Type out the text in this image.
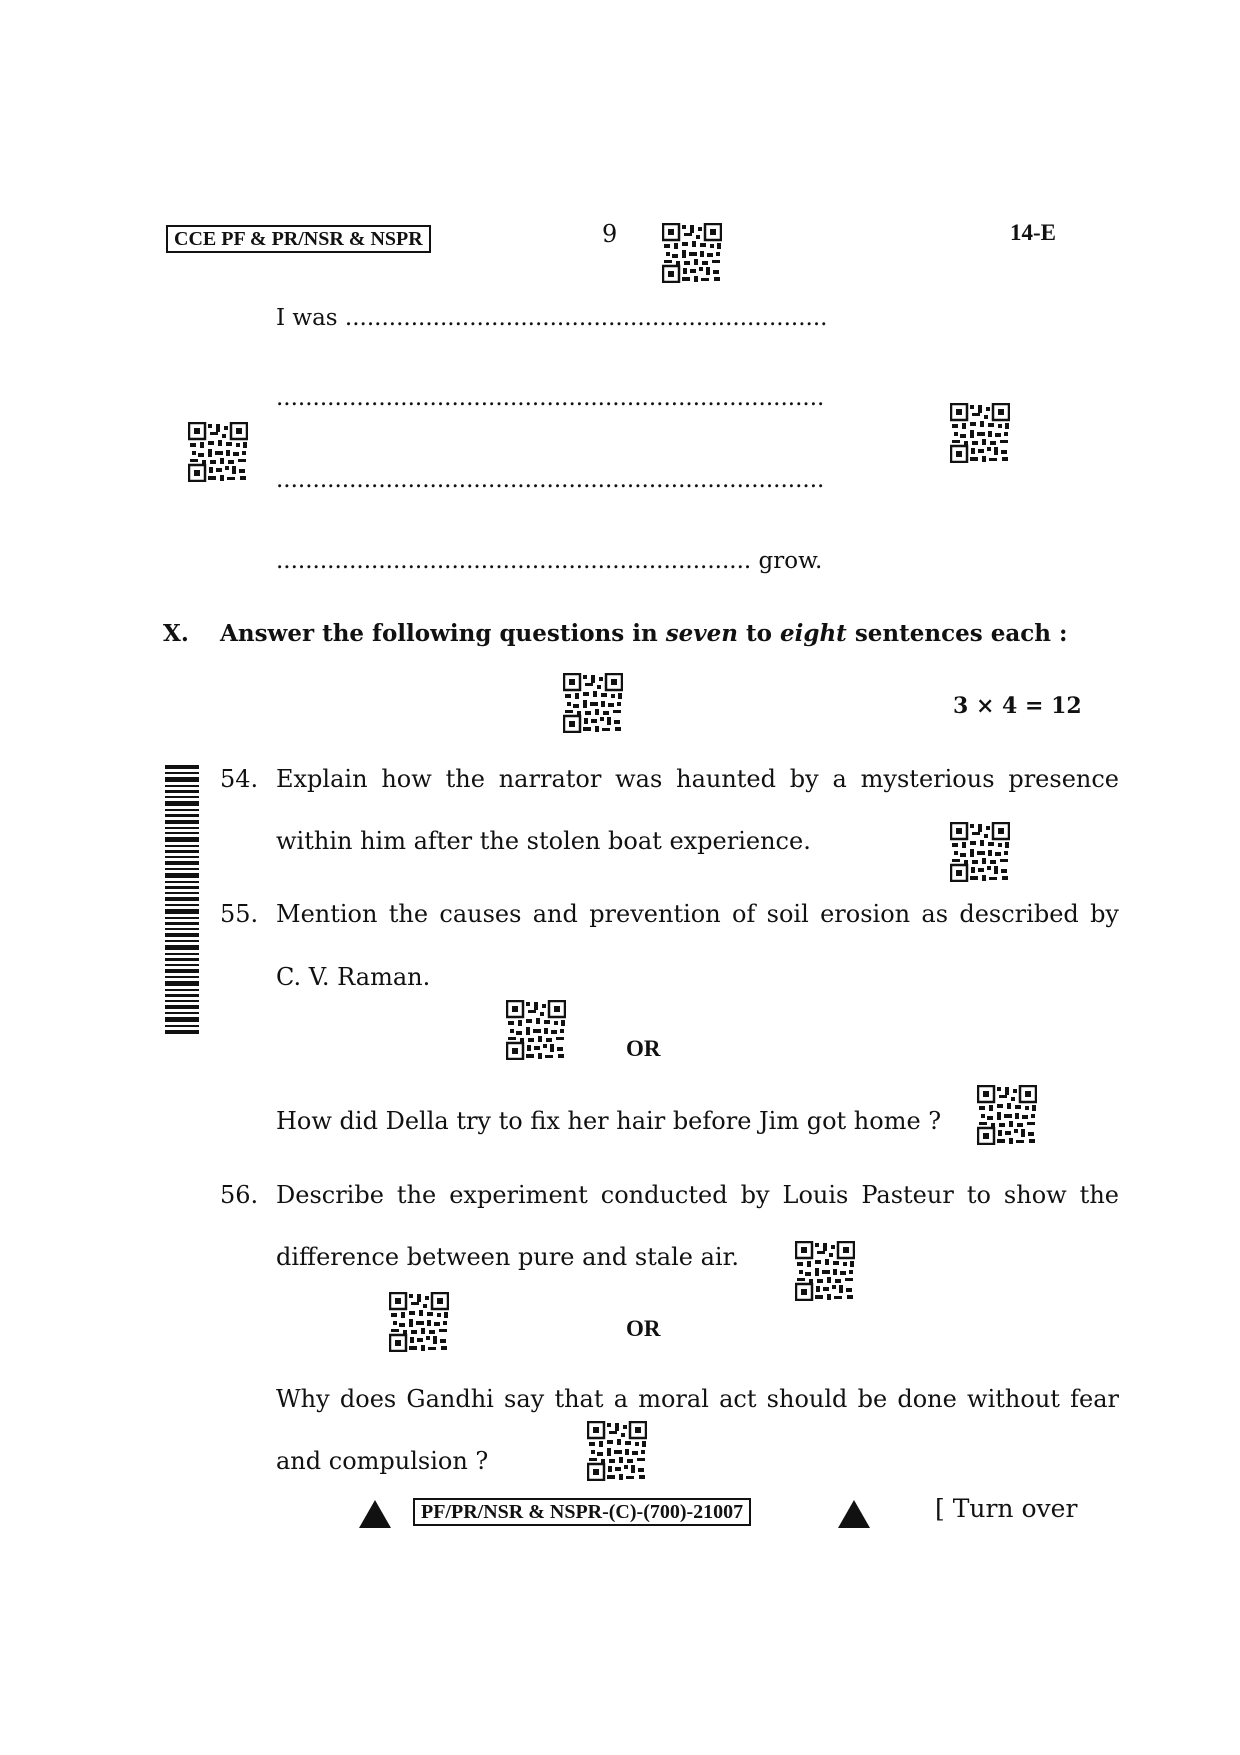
CCE PF & PR/NSR & NSPR	9	14-E
I was ..................................................................
...........................................................................
...........................................................................
................................................................. grow.
X. Answer the following questions in seven to eight sentences each :
3 × 4 = 12
54. Explain how the narrator was haunted by a mysterious presence
within him after the stolen boat experience.
55. Mention the causes and prevention of soil erosion as described by
C. V. Raman.
OR
How did Della try to fix her hair before Jim got home ?
56. Describe the experiment conducted by Louis Pasteur to show the
difference between pure and stale air.
OR
Why does Gandhi say that a moral act should be done without fear
and compulsion ?
PF/PR/NSR & NSPR-(C)-(700)-21007	[ Turn over
